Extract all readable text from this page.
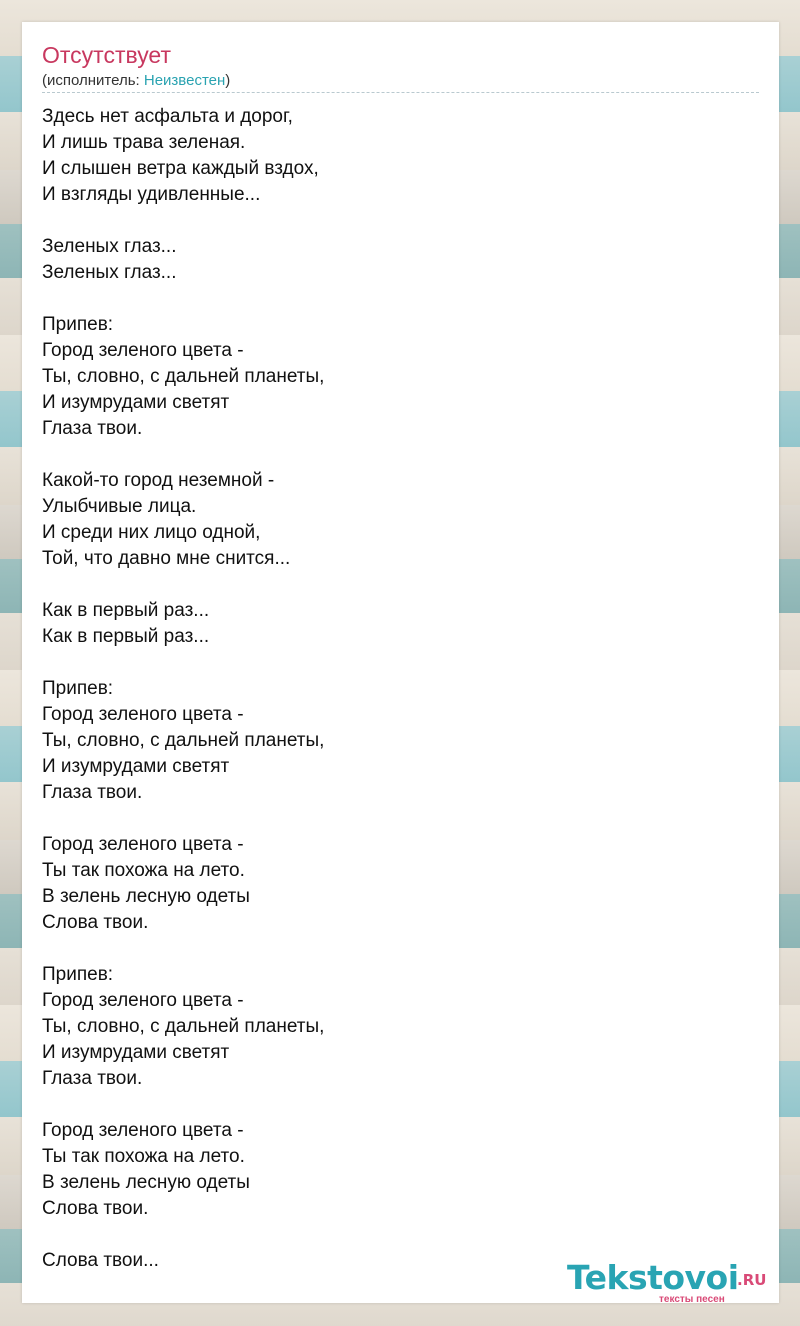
Отсутствует
(исполнитель: Неизвестен)
Здесь нет асфальта и дорог,
И лишь трава зеленая.
И слышен ветра каждый вздох,
И взгляды удивленные...
Зеленых глаз...
Зеленых глаз...
Припев:
Город зеленого цвета -
Ты, словно, с дальней планеты,
И изумрудами светят
Глаза твои.
Какой-то город неземной -
Улыбчивые лица.
И среди них лицо одной,
Той, что давно мне снится...
Как в первый раз...
Как в первый раз...
Припев:
Город зеленого цвета -
Ты, словно, с дальней планеты,
И изумрудами светят
Глаза твои.
Город зеленого цвета -
Ты так похожа на лето.
В зелень лесную одеты
Слова твои.
Припев:
Город зеленого цвета -
Ты, словно, с дальней планеты,
И изумрудами светят
Глаза твои.
Город зеленого цвета -
Ты так похожа на лето.
В зелень лесную одеты
Слова твои.
Слова твои...	Tekstovoi
.RU
тексты песен
